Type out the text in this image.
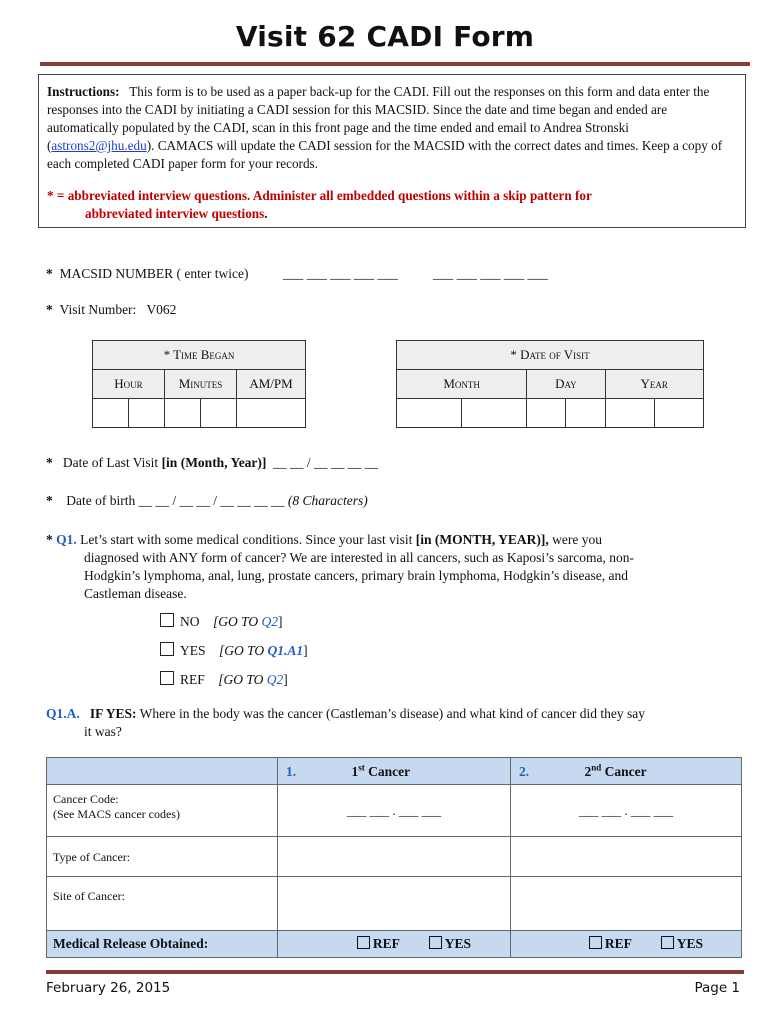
Visit 62 CADI Form
Instructions: This form is to be used as a paper back-up for the CADI. Fill out the responses on this form and data enter the responses into the CADI by initiating a CADI session for this MACSID. Since the date and time began and ended are automatically populated by the CADI, scan in this front page and the time ended and email to Andrea Stronski (astrons2@jhu.edu). CAMACS will update the CADI session for the MACSID with the correct dates and times. Keep a copy of each completed CADI paper form for your records.
* = abbreviated interview questions. Administer all embedded questions within a skip pattern for
abbreviated interview questions.
* MACSID NUMBER ( enter twice)	___ ___ ___ ___ ___	___ ___ ___ ___ ___
* Visit Number: V062
* Time Began				
Hour		Minutes		AM/PM

* Date of Visit					
Month		Day		Year	

* Date of Last Visit [in (Month, Year)] __ __ / __ __ __ __
* Date of birth __ __ / __ __ / __ __ __ __ (8 Characters)
* Q1. Let’s start with some medical conditions. Since your last visit [in (MONTH, YEAR)], were you
diagnosed with ANY form of cancer? We are interested in all cancers, such as Kaposi’s sarcoma, non-
Hodgkin’s lymphoma, anal, lung, prostate cancers, primary brain lymphoma, Hodgkin’s disease, and
Castleman disease.
NO [GO TO Q2]
YES [GO TO Q1.A1]
REF [GO TO Q2]
Q1.A. IF YES: Where in the body was the cancer (Castleman’s disease) and what kind of cancer did they say
it was?
	1. 1st Cancer	2. 2nd Cancer

Cancer Code:
(See MACS cancer codes)	___ ___ . ___ ___	___ ___ . ___ ___
Type of Cancer:		
Site of Cancer:		
Medical Release Obtained:	REF YES	REF YES
February 26, 2015	Page 1
